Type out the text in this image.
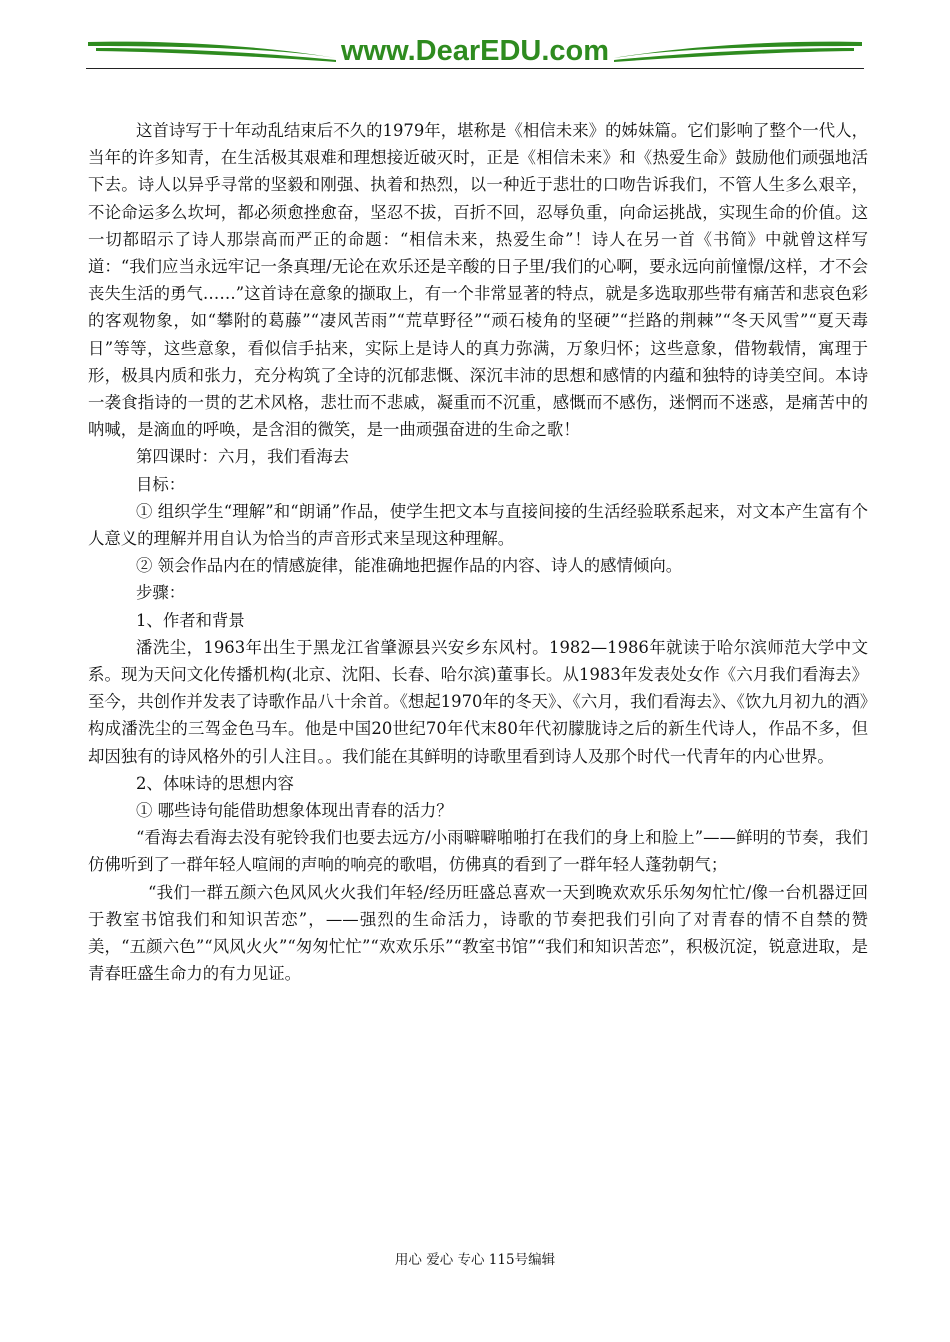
www.DearEDU.com

这首诗写于十年动乱结束后不久的1979年，堪称是《相信未来》的姊妹篇。它们影响了整个一代人，当年的许多知青，在生活极其艰难和理想接近破灭时，正是《相信未来》和《热爱生命》鼓励他们顽强地活下去。诗人以异乎寻常的坚毅和刚强、执着和热烈，以一种近于悲壮的口吻告诉我们，不管人生多么艰辛，不论命运多么坎坷，都必须愈挫愈奋，坚忍不拔，百折不回，忍辱负重，向命运挑战，实现生命的价值。这一切都昭示了诗人那崇高而严正的命题：“相信未来，热爱生命”！诗人在另一首《书简》中就曾这样写道：“我们应当永远牢记一条真理/无论在欢乐还是辛酸的日子里/我们的心啊，要永远向前憧憬/这样，才不会丧失生活的勇气……”这首诗在意象的撷取上，有一个非常显著的特点，就是多选取那些带有痛苦和悲哀色彩的客观物象，如“攀附的葛藤”“凄风苦雨”“荒草野径”“顽石棱角的坚硬”“拦路的荆棘”“冬天风雪”“夏天毒日”等等，这些意象，看似信手拈来，实际上是诗人的真力弥满，万象归怀；这些意象，借物载情，寓理于形，极具内质和张力，充分构筑了全诗的沉郁悲慨、深沉丰沛的思想和感情的内蕴和独特的诗美空间。本诗一袭食指诗的一贯的艺术风格，悲壮而不悲戚，凝重而不沉重，感慨而不感伤，迷惘而不迷惑，是痛苦中的呐喊，是滴血的呼唤，是含泪的微笑，是一曲顽强奋进的生命之歌！

第四课时：六月，我们看海去

目标：

① 组织学生“理解”和“朗诵”作品，使学生把文本与直接间接的生活经验联系起来，对文本产生富有个人意义的理解并用自认为恰当的声音形式来呈现这种理解。

② 领会作品内在的情感旋律，能准确地把握作品的内容、诗人的感情倾向。

步骤：

1、作者和背景

潘洗尘，1963年出生于黑龙江省肇源县兴安乡东风村。1982—1986年就读于哈尔滨师范大学中文系。现为天问文化传播机构(北京、沈阳、长春、哈尔滨)董事长。从1983年发表处女作《六月我们看海去》至今，共创作并发表了诗歌作品八十余首。《想起1970年的冬天》、《六月，我们看海去》、《饮九月初九的酒》构成潘洗尘的三驾金色马车。他是中国20世纪70年代末80年代初朦胧诗之后的新生代诗人，作品不多，但却因独有的诗风格外的引人注目。。我们能在其鲜明的诗歌里看到诗人及那个时代一代青年的内心世界。

2、体味诗的思想内容

① 哪些诗句能借助想象体现出青春的活力？

“看海去看海去没有驼铃我们也要去远方/小雨噼噼啪啪打在我们的身上和脸上”——鲜明的节奏，我们仿佛听到了一群年轻人喧闹的声响的响亮的歌唱，仿佛真的看到了一群年轻人蓬勃朝气；

“我们一群五颜六色风风火火我们年轻/经历旺盛总喜欢一天到晚欢欢乐乐匆匆忙忙/像一台机器迂回于教室书馆我们和知识苦恋”，——强烈的生命活力，诗歌的节奏把我们引向了对青春的情不自禁的赞美，“五颜六色”“风风火火”“匆匆忙忙”“欢欢乐乐”“教室书馆”“我们和知识苦恋”，积极沉淀，锐意进取，是青春旺盛生命力的有力见证。

用心 爱心 专心 115号编辑
